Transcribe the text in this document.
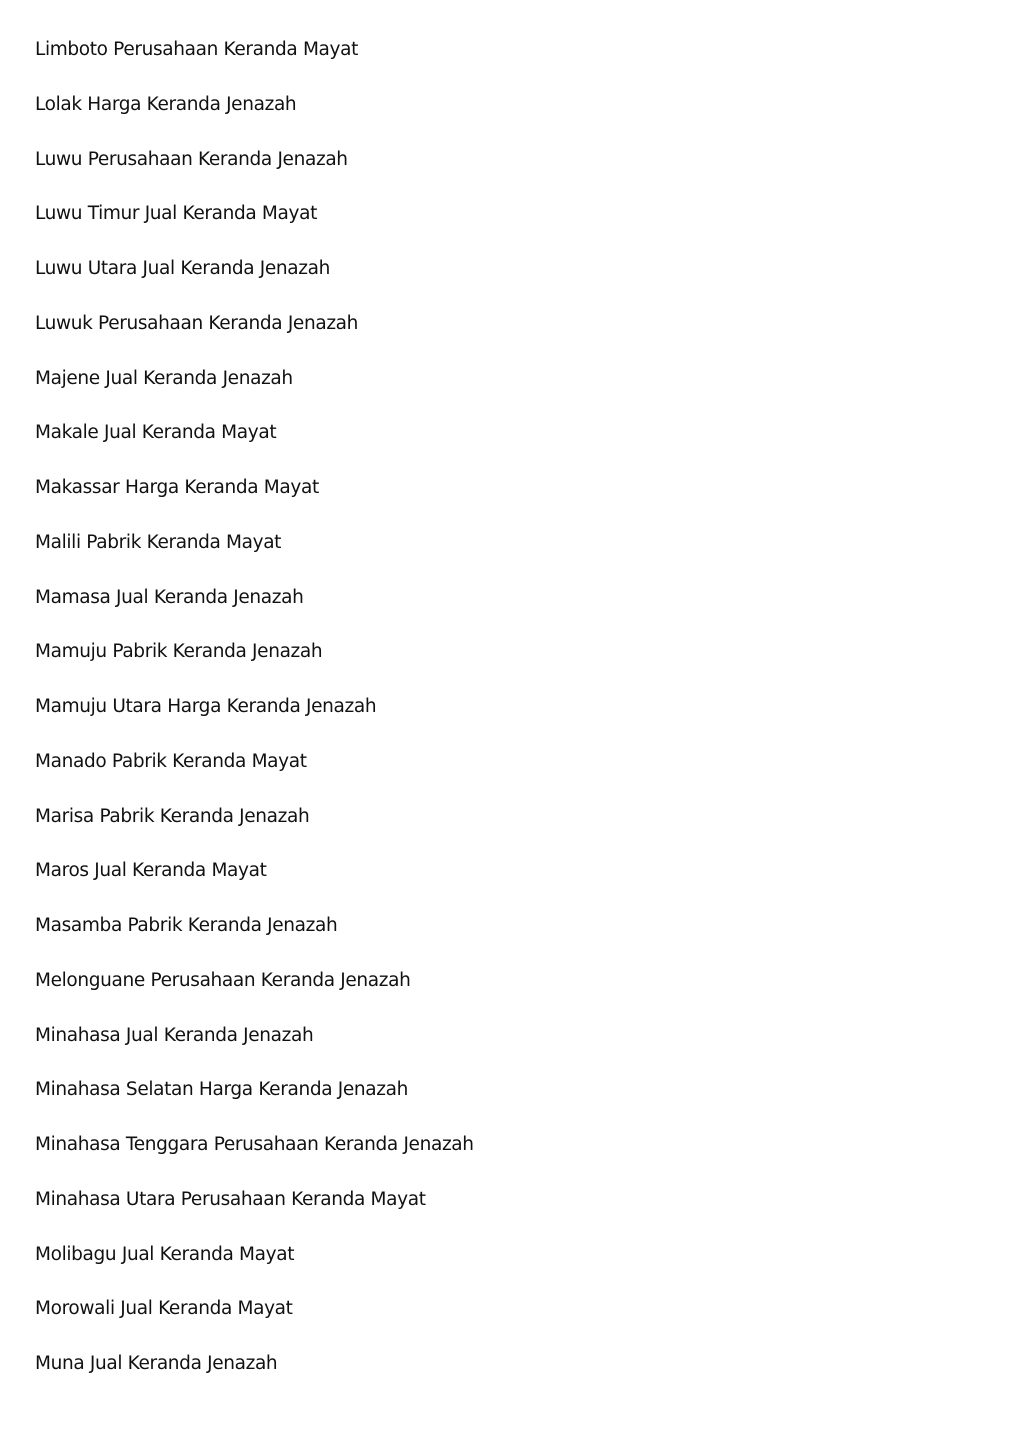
Limboto Perusahaan Keranda Mayat
Lolak Harga Keranda Jenazah
Luwu Perusahaan Keranda Jenazah
Luwu Timur Jual Keranda Mayat
Luwu Utara Jual Keranda Jenazah
Luwuk Perusahaan Keranda Jenazah
Majene Jual Keranda Jenazah
Makale Jual Keranda Mayat
Makassar Harga Keranda Mayat
Malili Pabrik Keranda Mayat
Mamasa Jual Keranda Jenazah
Mamuju Pabrik Keranda Jenazah
Mamuju Utara Harga Keranda Jenazah
Manado Pabrik Keranda Mayat
Marisa Pabrik Keranda Jenazah
Maros Jual Keranda Mayat
Masamba Pabrik Keranda Jenazah
Melonguane Perusahaan Keranda Jenazah
Minahasa Jual Keranda Jenazah
Minahasa Selatan Harga Keranda Jenazah
Minahasa Tenggara Perusahaan Keranda Jenazah
Minahasa Utara Perusahaan Keranda Mayat
Molibagu Jual Keranda Mayat
Morowali Jual Keranda Mayat
Muna Jual Keranda Jenazah
